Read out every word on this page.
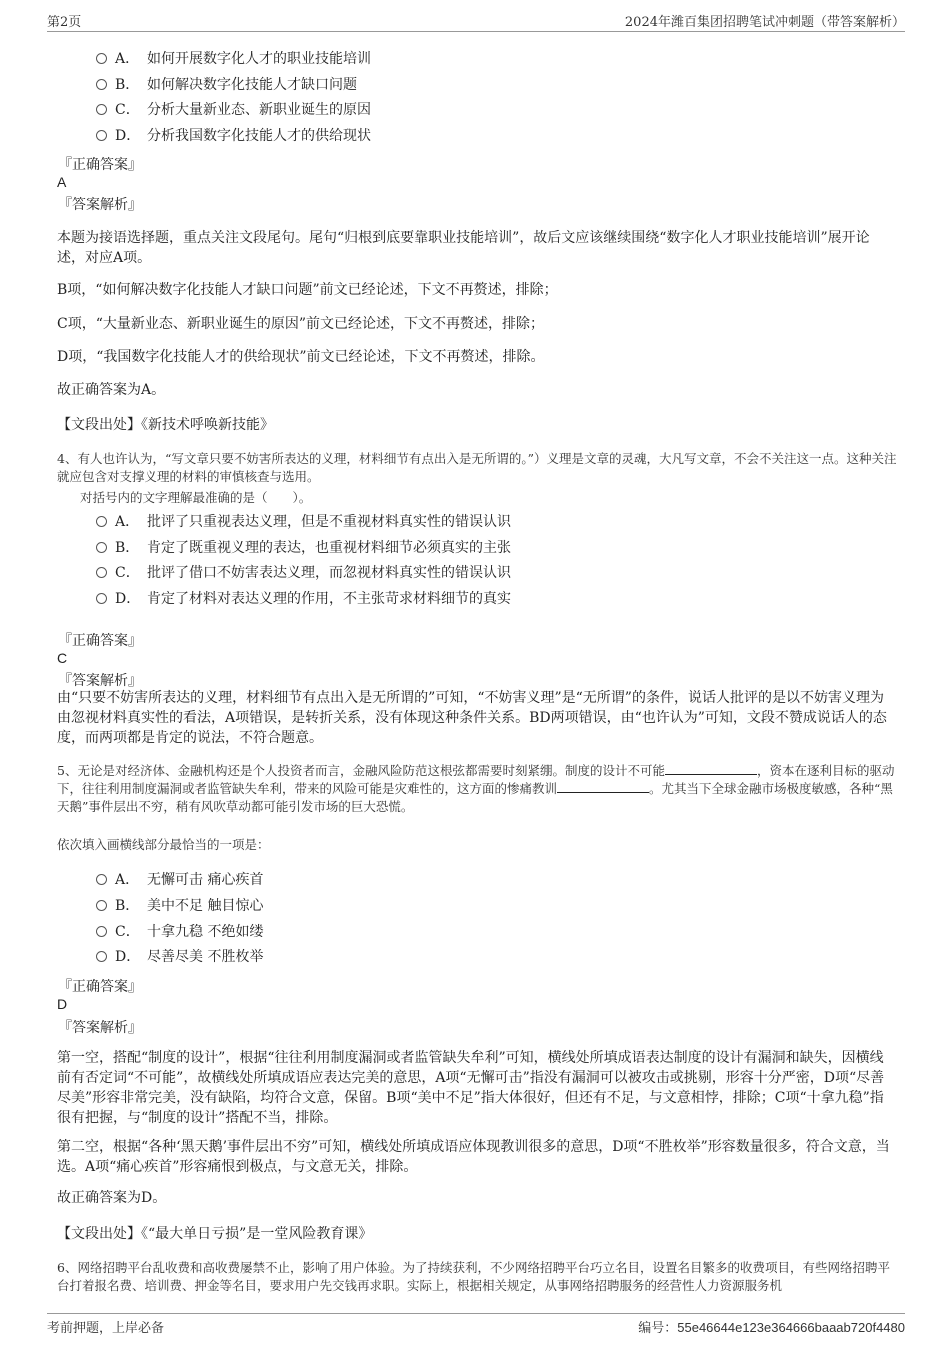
第2页	2024年潍百集团招聘笔试冲刺题（带答案解析）
A． 如何开展数字化人才的职业技能培训
B． 如何解决数字化技能人才缺口问题
C． 分析大量新业态、新职业诞生的原因
D． 分析我国数字化技能人才的供给现状
『正确答案』
A
『答案解析』
本题为接语选择题，重点关注文段尾句。尾句“归根到底要靠职业技能培训”，故后文应该继续围绕“数字化人才职业技能培训”展开论述，对应A项。
B项，“如何解决数字化技能人才缺口问题”前文已经论述，下文不再赘述，排除；
C项，“大量新业态、新职业诞生的原因”前文已经论述，下文不再赘述，排除；
D项，“我国数字化技能人才的供给现状”前文已经论述，下文不再赘述，排除。
故正确答案为A。
【文段出处】《新技术呼唤新技能》
4、有人也许认为，“写文章只要不妨害所表达的义理，材料细节有点出入是无所谓的。”）义理是文章的灵魂，大凡写文章，不会不关注这一点。这种关注就应包含对支撑义理的材料的审慎核查与选用。
对括号内的文字理解最准确的是（　　）。
A． 批评了只重视表达义理，但是不重视材料真实性的错误认识
B． 肯定了既重视义理的表达，也重视材料细节必须真实的主张
C． 批评了借口不妨害表达义理，而忽视材料真实性的错误认识
D． 肯定了材料对表达义理的作用，不主张苛求材料细节的真实
『正确答案』
C
『答案解析』
由“只要不妨害所表达的义理，材料细节有点出入是无所谓的”可知，“不妨害义理”是“无所谓”的条件，说话人批评的是以不妨害义理为由忽视材料真实性的看法，A项错误，是转折关系，没有体现这种条件关系。BD两项错误，由“也许认为”可知，文段不赞成说话人的态度，而两项都是肯定的说法，不符合题意。
5、无论是对经济体、金融机构还是个人投资者而言，金融风险防范这根弦都需要时刻紧绷。制度的设计不可能	，资本在逐利目标的驱动下，往往利用制度漏洞或者监管缺失牟利，带来的风险可能是灾难性的，这方面的惨痛教训	。尤其当下全球金融市场极度敏感，各种“黑天鹅”事件层出不穷，稍有风吹草动都可能引发市场的巨大恐慌。
依次填入画横线部分最恰当的一项是：
A． 无懈可击 痛心疾首
B． 美中不足 触目惊心
C． 十拿九稳 不绝如缕
D． 尽善尽美 不胜枚举
『正确答案』
D
『答案解析』
第一空，搭配“制度的设计”，根据“往往利用制度漏洞或者监管缺失牟利”可知，横线处所填成语表达制度的设计有漏洞和缺失，因横线前有否定词“不可能”，故横线处所填成语应表达完美的意思，A项“无懈可击”指没有漏洞可以被攻击或挑剔，形容十分严密，D项“尽善尽美”形容非常完美，没有缺陷，均符合文意，保留。B项“美中不足”指大体很好，但还有不足，与文意相悖，排除；C项“十拿九稳”指很有把握，与“制度的设计”搭配不当，排除。
第二空，根据“各种‘黑天鹅’事件层出不穷”可知，横线处所填成语应体现教训很多的意思，D项“不胜枚举”形容数量很多，符合文意，当选。A项“痛心疾首”形容痛恨到极点，与文意无关，排除。
故正确答案为D。
【文段出处】《“最大单日亏损”是一堂风险教育课》
6、网络招聘平台乱收费和高收费屡禁不止，影响了用户体验。为了持续获利，不少网络招聘平台巧立名目，设置名目繁多的收费项目，有些网络招聘平台打着报名费、培训费、押金等名目，要求用户先交钱再求职。实际上，根据相关规定，从事网络招聘服务的经营性人力资源服务机
考前押题，上岸必备	编号：55e46644e123e364666baaab720f4480
